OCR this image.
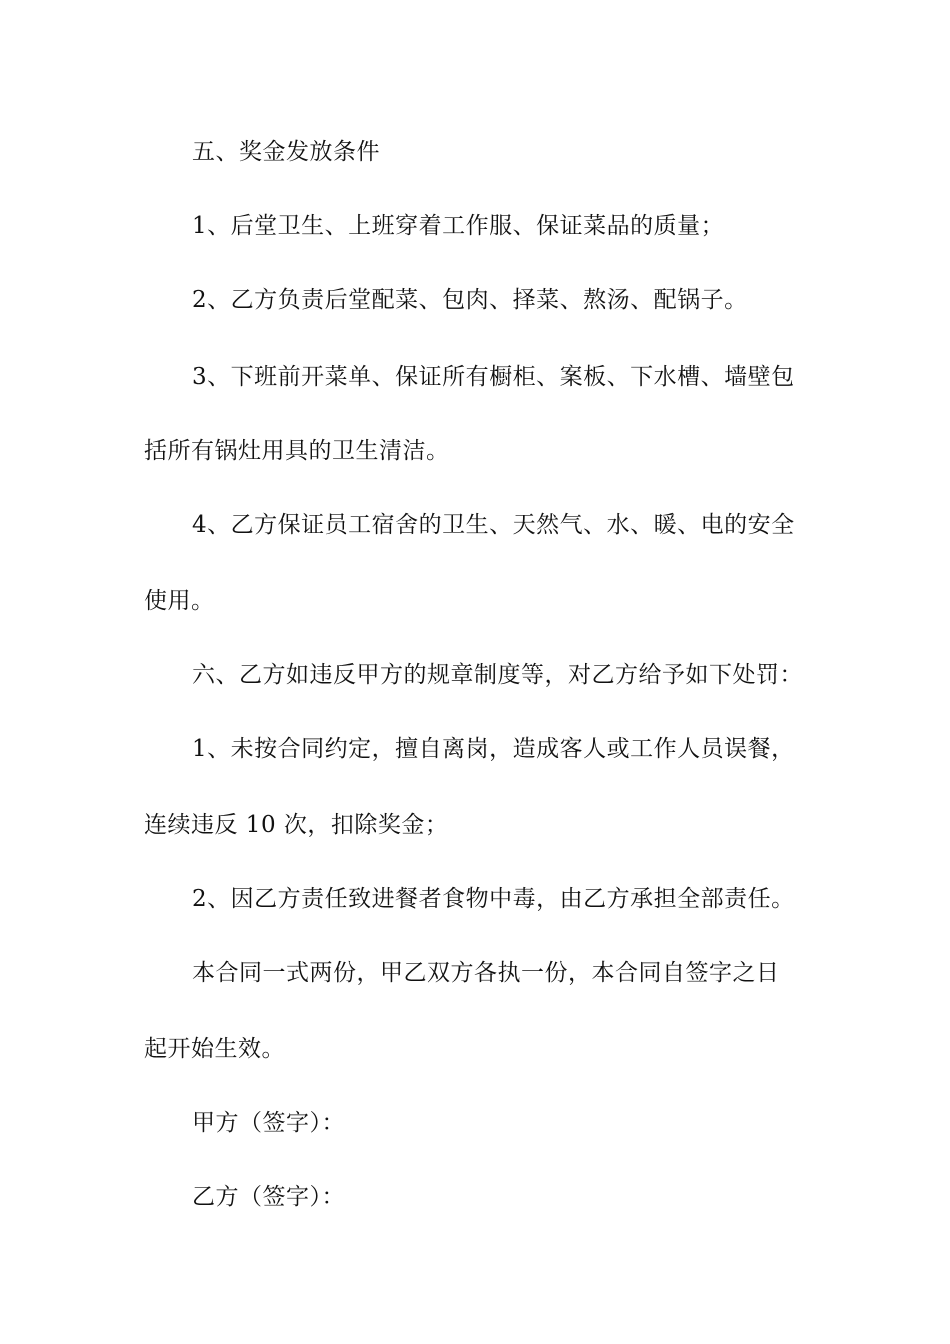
五、奖金发放条件
1、后堂卫生、上班穿着工作服、保证菜品的质量；
2、乙方负责后堂配菜、包肉、择菜、熬汤、配锅子。
3、下班前开菜单、保证所有橱柜、案板、下水槽、墙壁包
括所有锅灶用具的卫生清洁。
4、乙方保证员工宿舍的卫生、天然气、水、暖、电的安全
使用。
六、乙方如违反甲方的规章制度等，对乙方给予如下处罚：
1、未按合同约定，擅自离岗，造成客人或工作人员误餐，
连续违反 10 次，扣除奖金；
2、因乙方责任致进餐者食物中毒，由乙方承担全部责任。
本合同一式两份，甲乙双方各执一份，本合同自签字之日
起开始生效。
甲方（签字）：
乙方（签字）：
